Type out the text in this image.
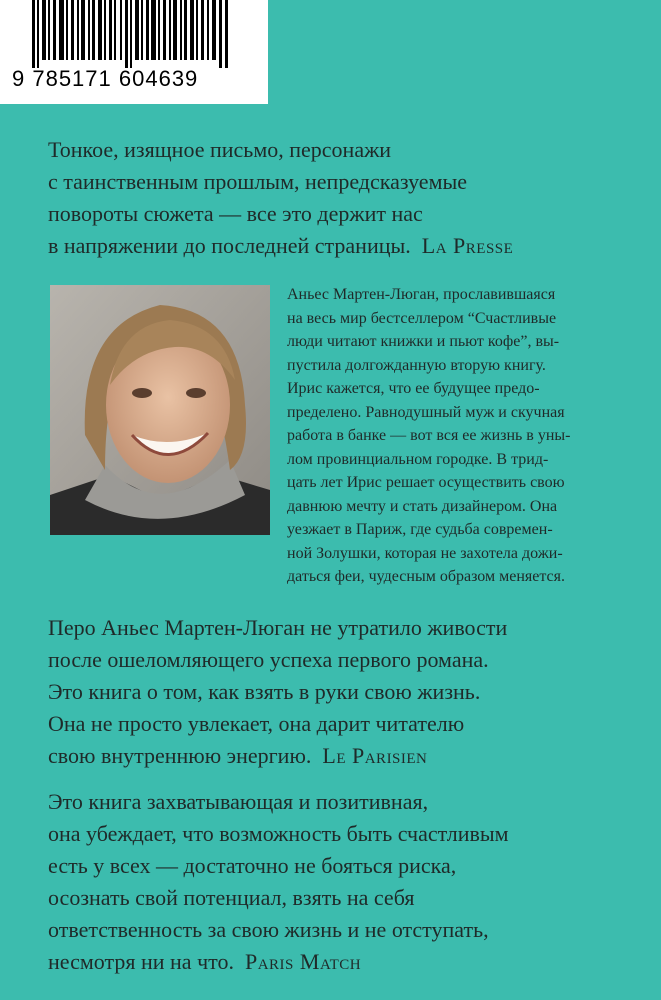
9 785171 604639

Тонкое, изящное письмо, персонажи
с таинственным прошлым, непредсказуемые
повороты сюжета — все это держит нас
в напряжении до последней страницы. La Presse

Аньес Мартен-Люган, прославившаяся
на весь мир бестселлером “Счастливые
люди читают книжки и пьют кофе”, вы-
пустила долгожданную вторую книгу.
Ирис кажется, что ее будущее предо-
пределено. Равнодушный муж и скучная
работа в банке — вот вся ее жизнь в уны-
лом провинциальном городке. В трид-
цать лет Ирис решает осуществить свою
давнюю мечту и стать дизайнером. Она
уезжает в Париж, где судьба современ-
ной Золушки, которая не захотела дожи-
даться феи, чудесным образом меняется.

Перо Аньес Мартен-Люган не утратило живости
после ошеломляющего успеха первого романа.
Это книга о том, как взять в руки свою жизнь.
Она не просто увлекает, она дарит читателю
свою внутреннюю энергию. Le Parisien

Это книга захватывающая и позитивная,
она убеждает, что возможность быть счастливым
есть у всех — достаточно не бояться риска,
осознать свой потенциал, взять на себя
ответственность за свою жизнь и не отступать,
несмотря ни на что. Paris Match
